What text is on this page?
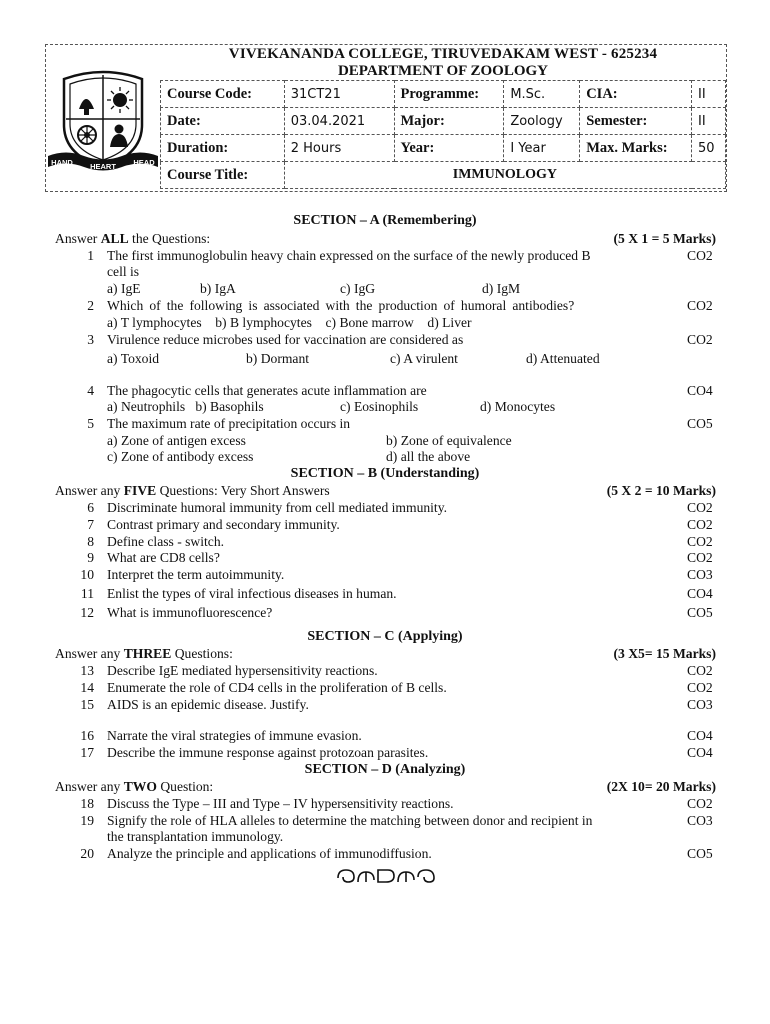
HAND HEART HEAD
VIVEKANANDA COLLEGE, TIRUVEDAKAM WEST - 625234
DEPARTMENT OF ZOOLOGY
Course Code:	31CT21	Programme:	M.Sc.	CIA:	II
Date:	03.04.2021	Major:	Zoology	Semester:	II
Duration:	2 Hours	Year:	I Year	Max. Marks:	50
Course Title:	IMMUNOLOGY				
SECTION – A (Remembering)
Answer ALL the Questions:	(5 X 1 = 5 Marks)
1 The first immunoglobulin heavy chain expressed on the surface of the newly produced B	CO2
cell is
a) IgE	b) IgA	c) IgG	d) IgM
2 Which of the following is associated with the production of humoral antibodies?	CO2
a) T lymphocytes    b) B lymphocytes    c) Bone marrow    d) Liver
3 Virulence reduce microbes used for vaccination are considered as	CO2
a) Toxoid	b) Dormant	c) A virulent	d) Attenuated
4 The phagocytic cells that generates acute inflammation are	CO4
a) Neutrophils   b) Basophils	c) Eosinophils	d) Monocytes
5 The maximum rate of precipitation occurs in	CO5
a) Zone of antigen excess	b) Zone of equivalence
c) Zone of antibody excess	d) all the above
SECTION – B (Understanding)
Answer any FIVE Questions: Very Short Answers	(5 X 2 = 10 Marks)
6 Discriminate humoral immunity from cell mediated immunity.	CO2
7 Contrast primary and secondary immunity.	CO2
8 Define class - switch.	CO2
9 What are CD8 cells?	CO2
10 Interpret the term autoimmunity.	CO3
11 Enlist the types of viral infectious diseases in human.	CO4
12 What is immunofluorescence?	CO5
SECTION – C (Applying)
Answer any THREE Questions:	(3 X5= 15 Marks)
13 Describe IgE mediated hypersensitivity reactions.	CO2
14 Enumerate the role of CD4 cells in the proliferation of B cells.	CO2
15 AIDS is an epidemic disease. Justify.	CO3
16 Narrate the viral strategies of immune evasion.	CO4
17 Describe the immune response against protozoan parasites.	CO4
SECTION – D (Analyzing)
Answer any TWO Question:	(2X 10= 20 Marks)
18 Discuss the Type – III and Type – IV hypersensitivity reactions.	CO2
19 Signify the role of HLA alleles to determine the matching between donor and recipient in	CO3
the transplantation immunology.
20 Analyze the principle and applications of immunodiffusion.	CO5
